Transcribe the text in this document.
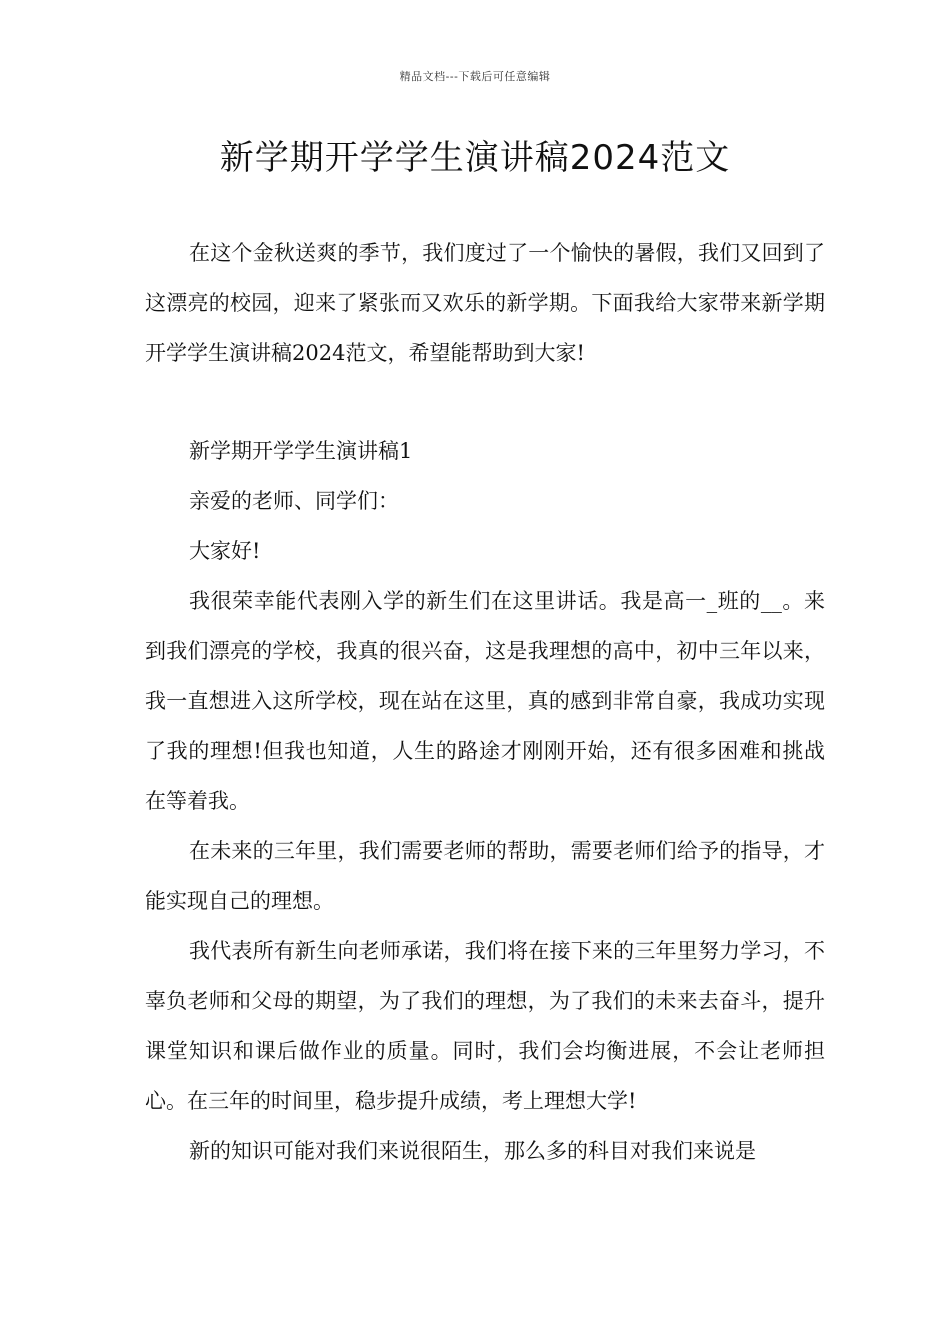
精品文档---下载后可任意编辑
新学期开学学生演讲稿2024范文

在这个金秋送爽的季节，我们度过了一个愉快的暑假，我们又回到了这漂亮的校园，迎来了紧张而又欢乐的新学期。下面我给大家带来新学期开学学生演讲稿2024范文，希望能帮助到大家!

新学期开学学生演讲稿1

亲爱的老师、同学们：

大家好!

我很荣幸能代表刚入学的新生们在这里讲话。我是高一_班的__。来到我们漂亮的学校，我真的很兴奋，这是我理想的高中，初中三年以来，我一直想进入这所学校，现在站在这里，真的感到非常自豪，我成功实现了我的理想!但我也知道，人生的路途才刚刚开始，还有很多困难和挑战在等着我。

在未来的三年里，我们需要老师的帮助，需要老师们给予的指导，才能实现自己的理想。

我代表所有新生向老师承诺，我们将在接下来的三年里努力学习，不辜负老师和父母的期望，为了我们的理想，为了我们的未来去奋斗，提升课堂知识和课后做作业的质量。同时，我们会均衡进展，不会让老师担心。在三年的时间里，稳步提升成绩，考上理想大学!

新的知识可能对我们来说很陌生，那么多的科目对我们来说是
